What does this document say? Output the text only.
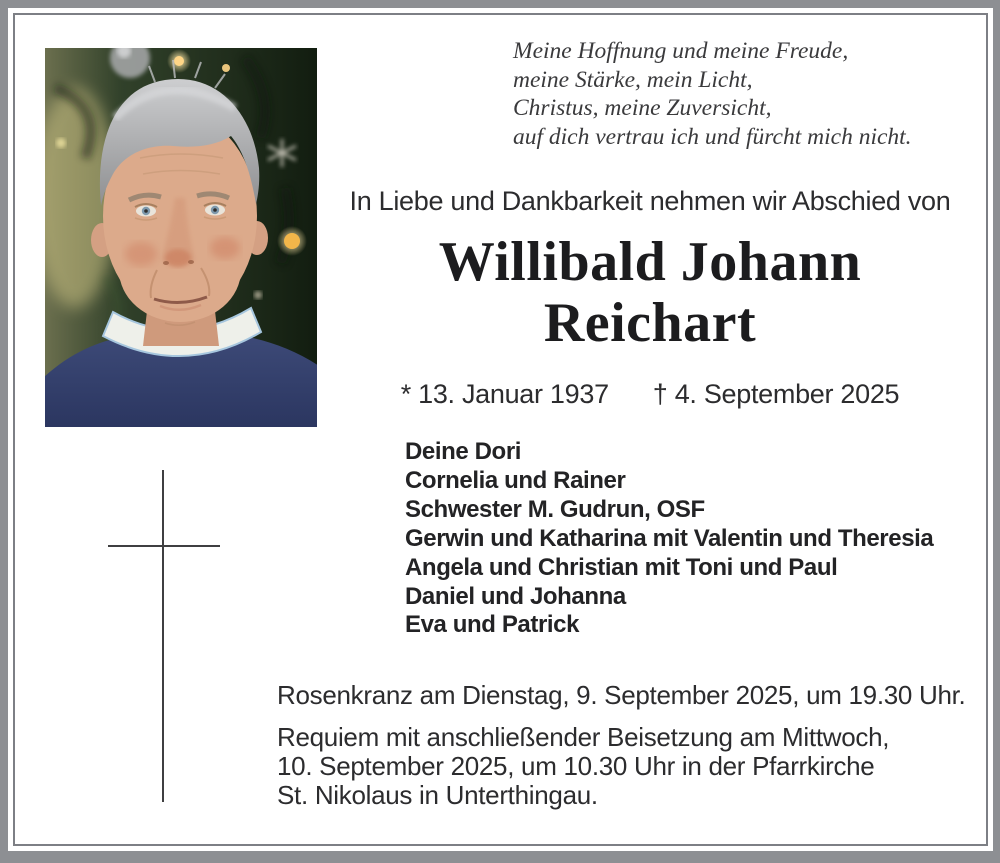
Meine Hoffnung und meine Freude,
meine Stärke, mein Licht,
Christus, meine Zuversicht,
auf dich vertrau ich und fürcht mich nicht.
In Liebe und Dankbarkeit nehmen wir Abschied von
Willibald Johann
Reichart
* 13. Januar 1937 † 4. September 2025
Deine Dori
Cornelia und Rainer
Schwester M. Gudrun, OSF
Gerwin und Katharina mit Valentin und Theresia
Angela und Christian mit Toni und Paul
Daniel und Johanna
Eva und Patrick
Rosenkranz am Dienstag, 9. September 2025, um 19.30 Uhr.
Requiem mit anschließender Beisetzung am Mittwoch,
10. September 2025, um 10.30 Uhr in der Pfarrkirche
St. Nikolaus in Unterthingau.
